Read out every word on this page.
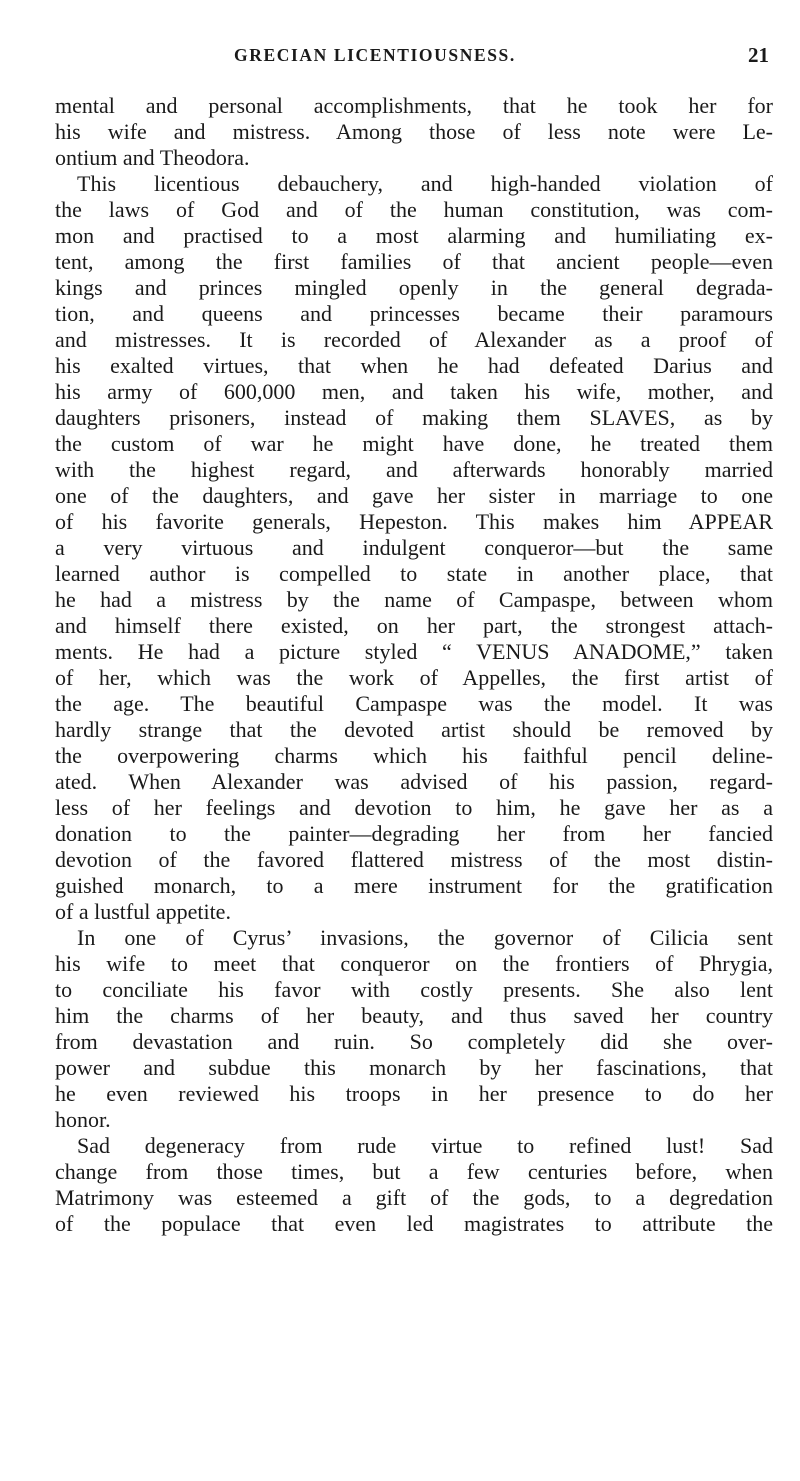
GRECIAN LICENTIOUSNESS.	21
mental and personal accomplishments, that he took her for
his wife and mistress. Among those of less note were Le-
ontium and Theodora.
This licentious debauchery, and high-handed violation of
the laws of God and of the human constitution, was com-
mon and practised to a most alarming and humiliating ex-
tent, among the first families of that ancient people—even
kings and princes mingled openly in the general degrada-
tion, and queens and princesses became their paramours
and mistresses. It is recorded of Alexander as a proof of
his exalted virtues, that when he had defeated Darius and
his army of 600,000 men, and taken his wife, mother, and
daughters prisoners, instead of making them SLAVES, as by
the custom of war he might have done, he treated them
with the highest regard, and afterwards honorably married
one of the daughters, and gave her sister in marriage to one
of his favorite generals, Hepeston. This makes him APPEAR
a very virtuous and indulgent conqueror—but the same
learned author is compelled to state in another place, that
he had a mistress by the name of Campaspe, between whom
and himself there existed, on her part, the strongest attach-
ments. He had a picture styled “ VENUS ANADOME,” taken
of her, which was the work of Appelles, the first artist of
the age. The beautiful Campaspe was the model. It was
hardly strange that the devoted artist should be removed by
the overpowering charms which his faithful pencil deline-
ated. When Alexander was advised of his passion, regard-
less of her feelings and devotion to him, he gave her as a
donation to the painter—degrading her from her fancied
devotion of the favored flattered mistress of the most distin-
guished monarch, to a mere instrument for the gratification
of a lustful appetite.
In one of Cyrus’ invasions, the governor of Cilicia sent
his wife to meet that conqueror on the frontiers of Phrygia,
to conciliate his favor with costly presents. She also lent
him the charms of her beauty, and thus saved her country
from devastation and ruin. So completely did she over-
power and subdue this monarch by her fascinations, that
he even reviewed his troops in her presence to do her
honor.
Sad degeneracy from rude virtue to refined lust! Sad
change from those times, but a few centuries before, when
Matrimony was esteemed a gift of the gods, to a degredation
of the populace that even led magistrates to attribute the
